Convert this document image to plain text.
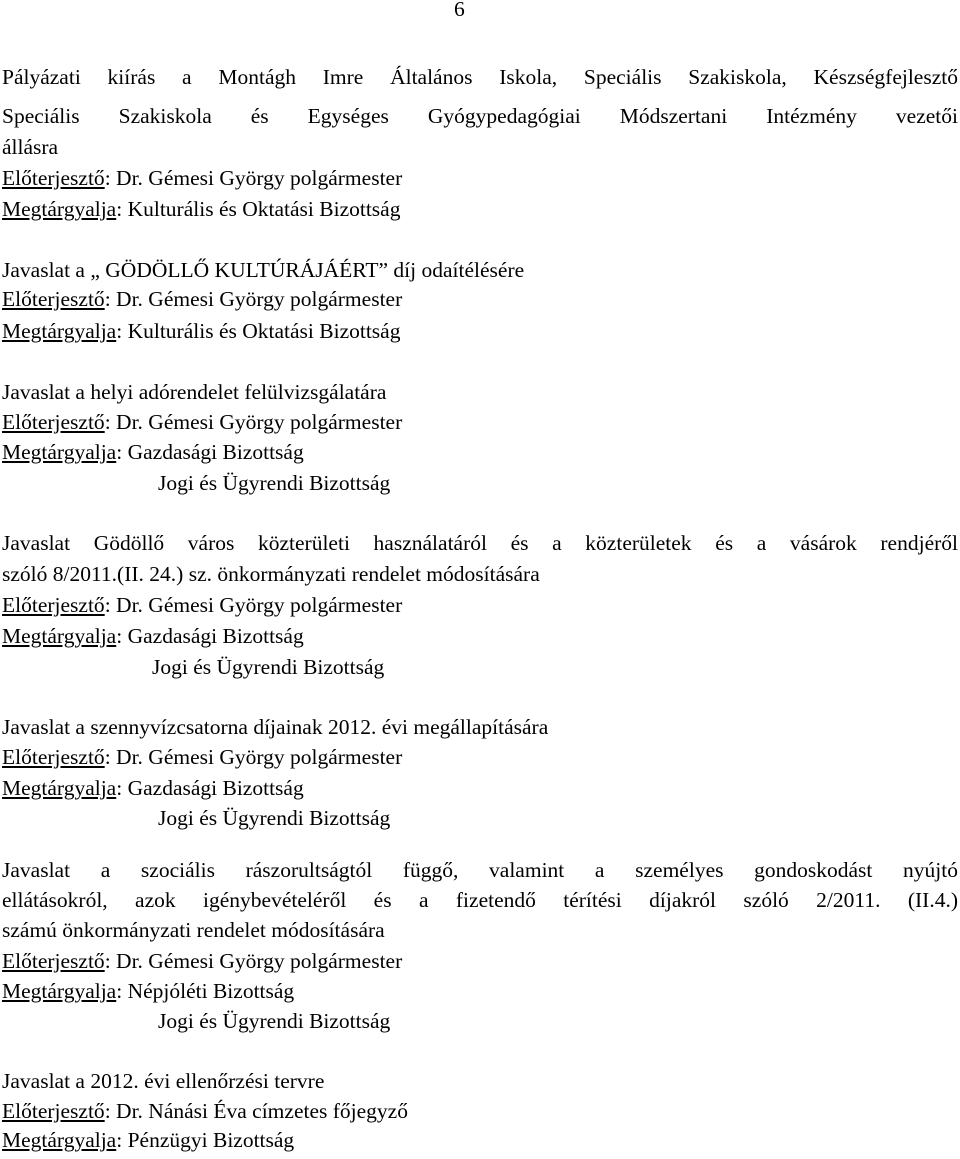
6
Pályázati kiírás a Montágh Imre Általános Iskola, Speciális Szakiskola, Készségfejlesztő
Speciális Szakiskola és Egységes Gyógypedagógiai Módszertani Intézmény vezetői
állásra
Előterjesztő: Dr. Gémesi György polgármester
Megtárgyalja: Kulturális és Oktatási Bizottság
Javaslat a „ GÖDÖLLŐ KULTÚRÁJÁÉRT” díj odaítélésére
Előterjesztő: Dr. Gémesi György polgármester
Megtárgyalja: Kulturális és Oktatási Bizottság
Javaslat a helyi adórendelet felülvizsgálatára
Előterjesztő: Dr. Gémesi György polgármester
Megtárgyalja: Gazdasági Bizottság
Jogi és Ügyrendi Bizottság
Javaslat Gödöllő város közterületi használatáról és a közterületek és a vásárok rendjéről
szóló 8/2011.(II. 24.) sz. önkormányzati rendelet módosítására
Előterjesztő: Dr. Gémesi György polgármester
Megtárgyalja: Gazdasági Bizottság
Jogi és Ügyrendi Bizottság
Javaslat a szennyvízcsatorna díjainak 2012. évi megállapítására
Előterjesztő: Dr. Gémesi György polgármester
Megtárgyalja: Gazdasági Bizottság
Jogi és Ügyrendi Bizottság
Javaslat a szociális rászorultságtól függő, valamint a személyes gondoskodást nyújtó
ellátásokról, azok igénybevételéről és a fizetendő térítési díjakról szóló 2/2011. (II.4.)
számú önkormányzati rendelet módosítására
Előterjesztő: Dr. Gémesi György polgármester
Megtárgyalja: Népjóléti Bizottság
Jogi és Ügyrendi Bizottság
Javaslat a 2012. évi ellenőrzési tervre
Előterjesztő: Dr. Nánási Éva címzetes főjegyző
Megtárgyalja: Pénzügyi Bizottság
